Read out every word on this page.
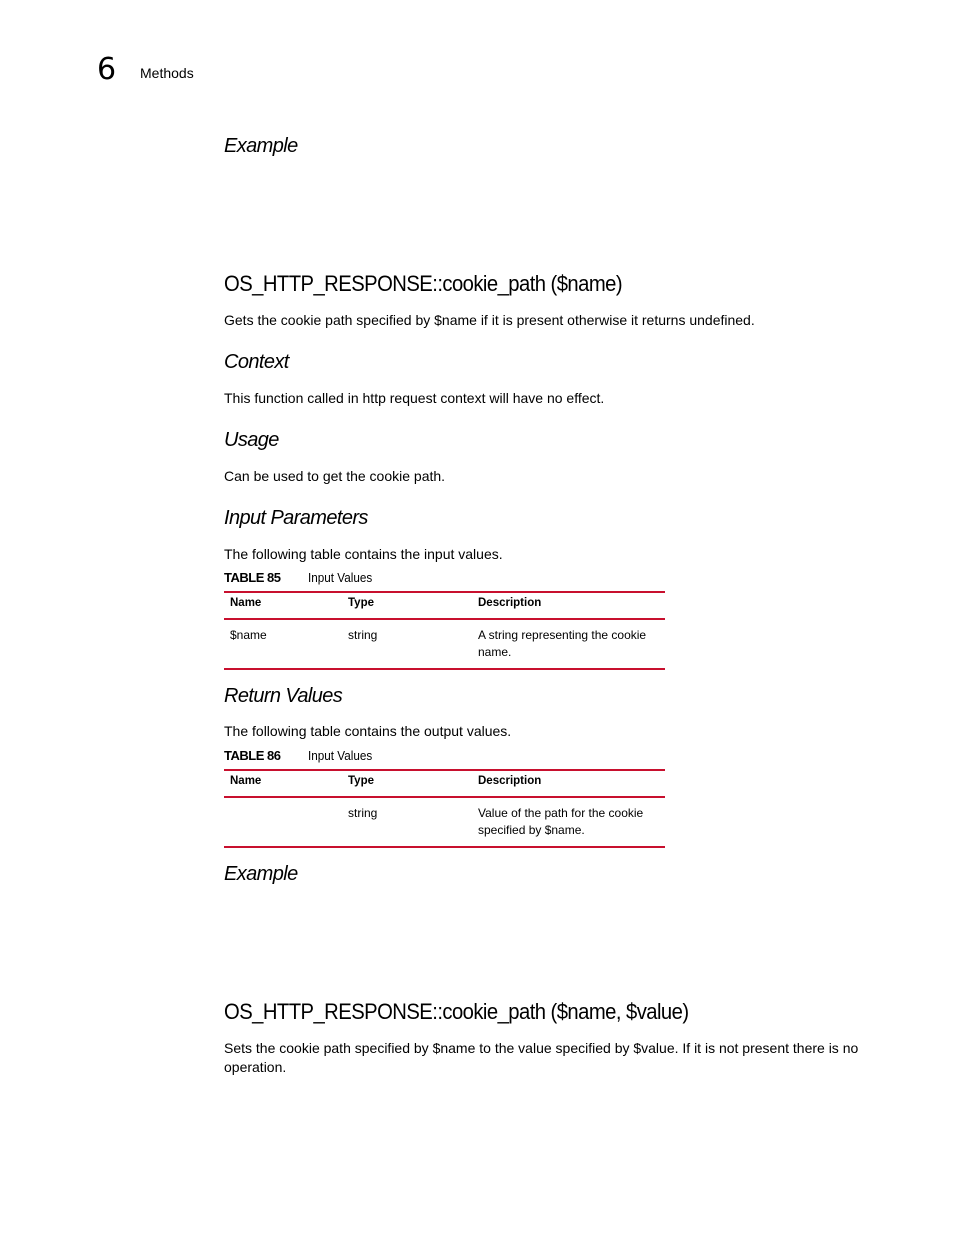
6 Methods
Example
OS_HTTP_RESPONSE::cookie_path ($name)
Gets the cookie path specified by $name if it is present otherwise it returns undefined.
Context
This function called in http request context will have no effect.
Usage
Can be used to get the cookie path.
Input Parameters
The following table contains the input values.
TABLE 85 Input Values
Name	Type	Description
$name	string	A string representing the cookie name.
Return Values
The following table contains the output values.
TABLE 86 Input Values
Name	Type	Description
	string	Value of the path for the cookie specified by $name.
Example
OS_HTTP_RESPONSE::cookie_path ($name, $value)
Sets the cookie path specified by $name to the value specified by $value. If it is not present there is no operation.
